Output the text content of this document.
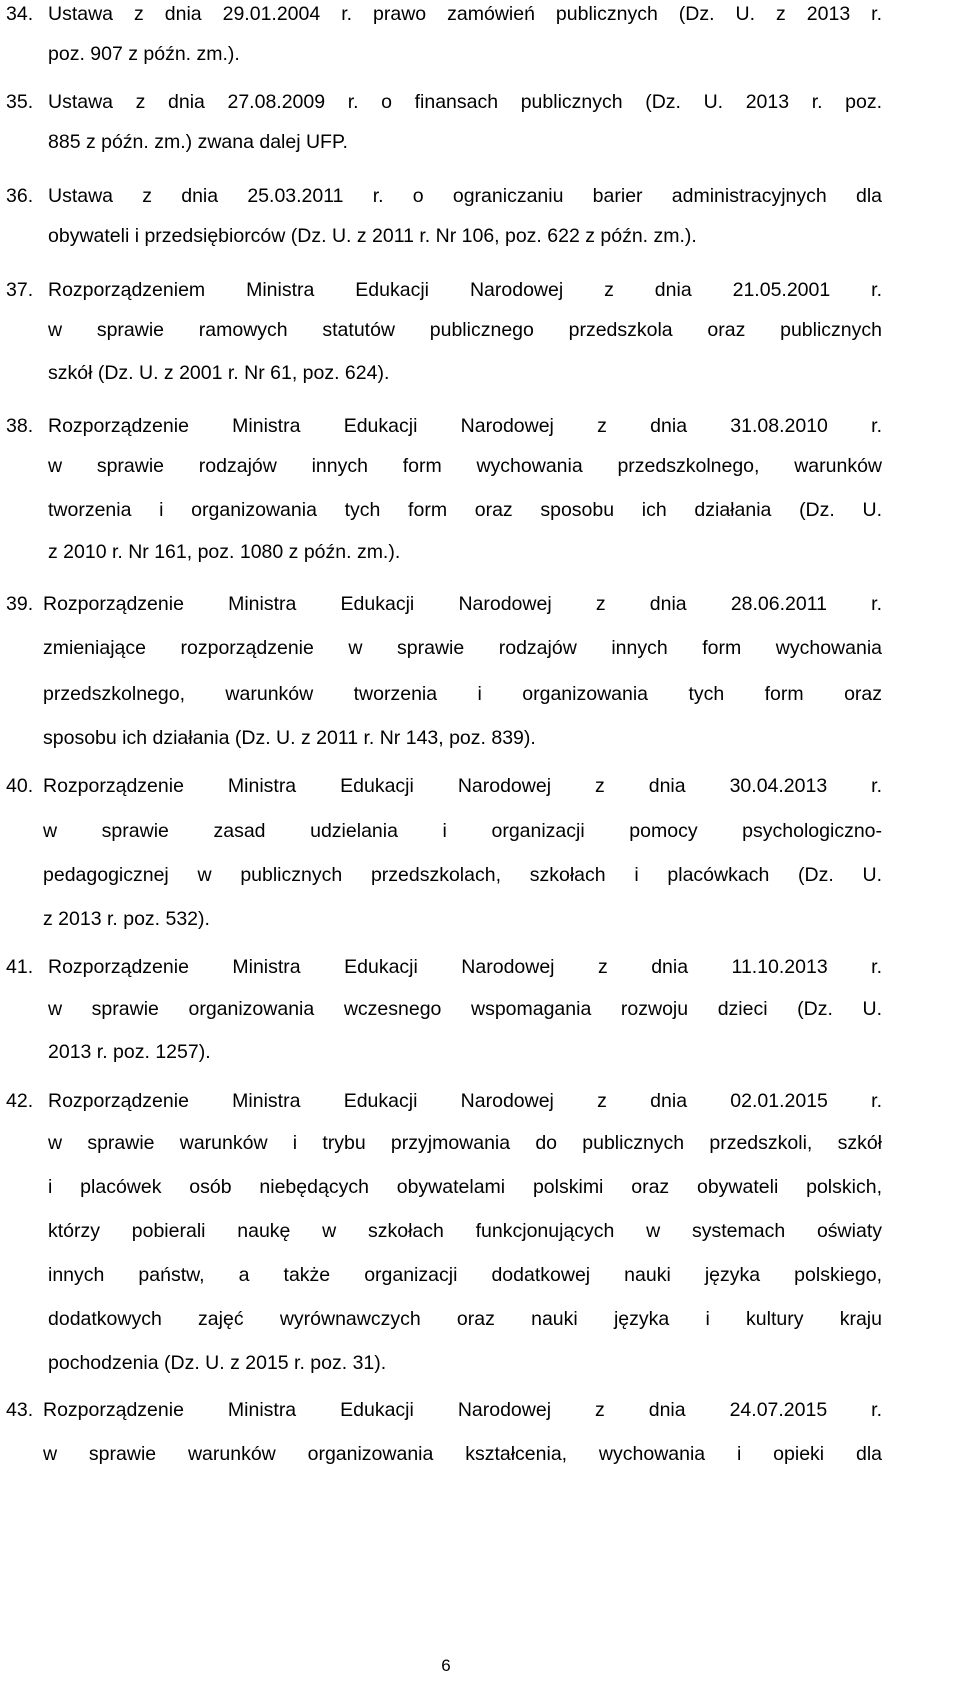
34. Ustawa z dnia 29.01.2004 r. prawo zamówień publicznych (Dz. U. z 2013 r.
poz. 907 z późn. zm.).
35. Ustawa z dnia 27.08.2009 r. o finansach publicznych (Dz. U. 2013 r. poz.
885 z późn. zm.) zwana dalej UFP.
36. Ustawa z dnia 25.03.2011 r. o ograniczaniu barier administracyjnych dla
obywateli i przedsiębiorców (Dz. U. z 2011 r. Nr 106, poz. 622 z późn. zm.).
37. Rozporządzeniem Ministra Edukacji Narodowej z dnia 21.05.2001 r.
w sprawie ramowych statutów publicznego przedszkola oraz publicznych
szkół (Dz. U. z 2001 r. Nr 61, poz. 624).
38. Rozporządzenie Ministra Edukacji Narodowej z dnia 31.08.2010 r.
w sprawie rodzajów innych form wychowania przedszkolnego, warunków
tworzenia i organizowania tych form oraz sposobu ich działania (Dz. U.
z 2010 r. Nr 161, poz. 1080 z późn. zm.).
39. Rozporządzenie Ministra Edukacji Narodowej z dnia 28.06.2011 r.
zmieniające rozporządzenie w sprawie rodzajów innych form wychowania
przedszkolnego, warunków tworzenia i organizowania tych form oraz
sposobu ich działania (Dz. U. z 2011 r. Nr 143, poz. 839).
40. Rozporządzenie Ministra Edukacji Narodowej z dnia 30.04.2013 r.
w sprawie zasad udzielania i organizacji pomocy psychologiczno-
pedagogicznej w publicznych przedszkolach, szkołach i placówkach (Dz. U.
z 2013 r. poz. 532).
41. Rozporządzenie Ministra Edukacji Narodowej z dnia 11.10.2013 r.
w sprawie organizowania wczesnego wspomagania rozwoju dzieci (Dz. U.
2013 r. poz. 1257).
42. Rozporządzenie Ministra Edukacji Narodowej z dnia 02.01.2015 r.
w sprawie warunków i trybu przyjmowania do publicznych przedszkoli, szkół
i placówek osób niebędących obywatelami polskimi oraz obywateli polskich,
którzy pobierali naukę w szkołach funkcjonujących w systemach oświaty
innych państw, a także organizacji dodatkowej nauki języka polskiego,
dodatkowych zajęć wyrównawczych oraz nauki języka i kultury kraju
pochodzenia (Dz. U. z 2015 r. poz. 31).
43. Rozporządzenie Ministra Edukacji Narodowej z dnia 24.07.2015 r.
w sprawie warunków organizowania kształcenia, wychowania i opieki dla
6
